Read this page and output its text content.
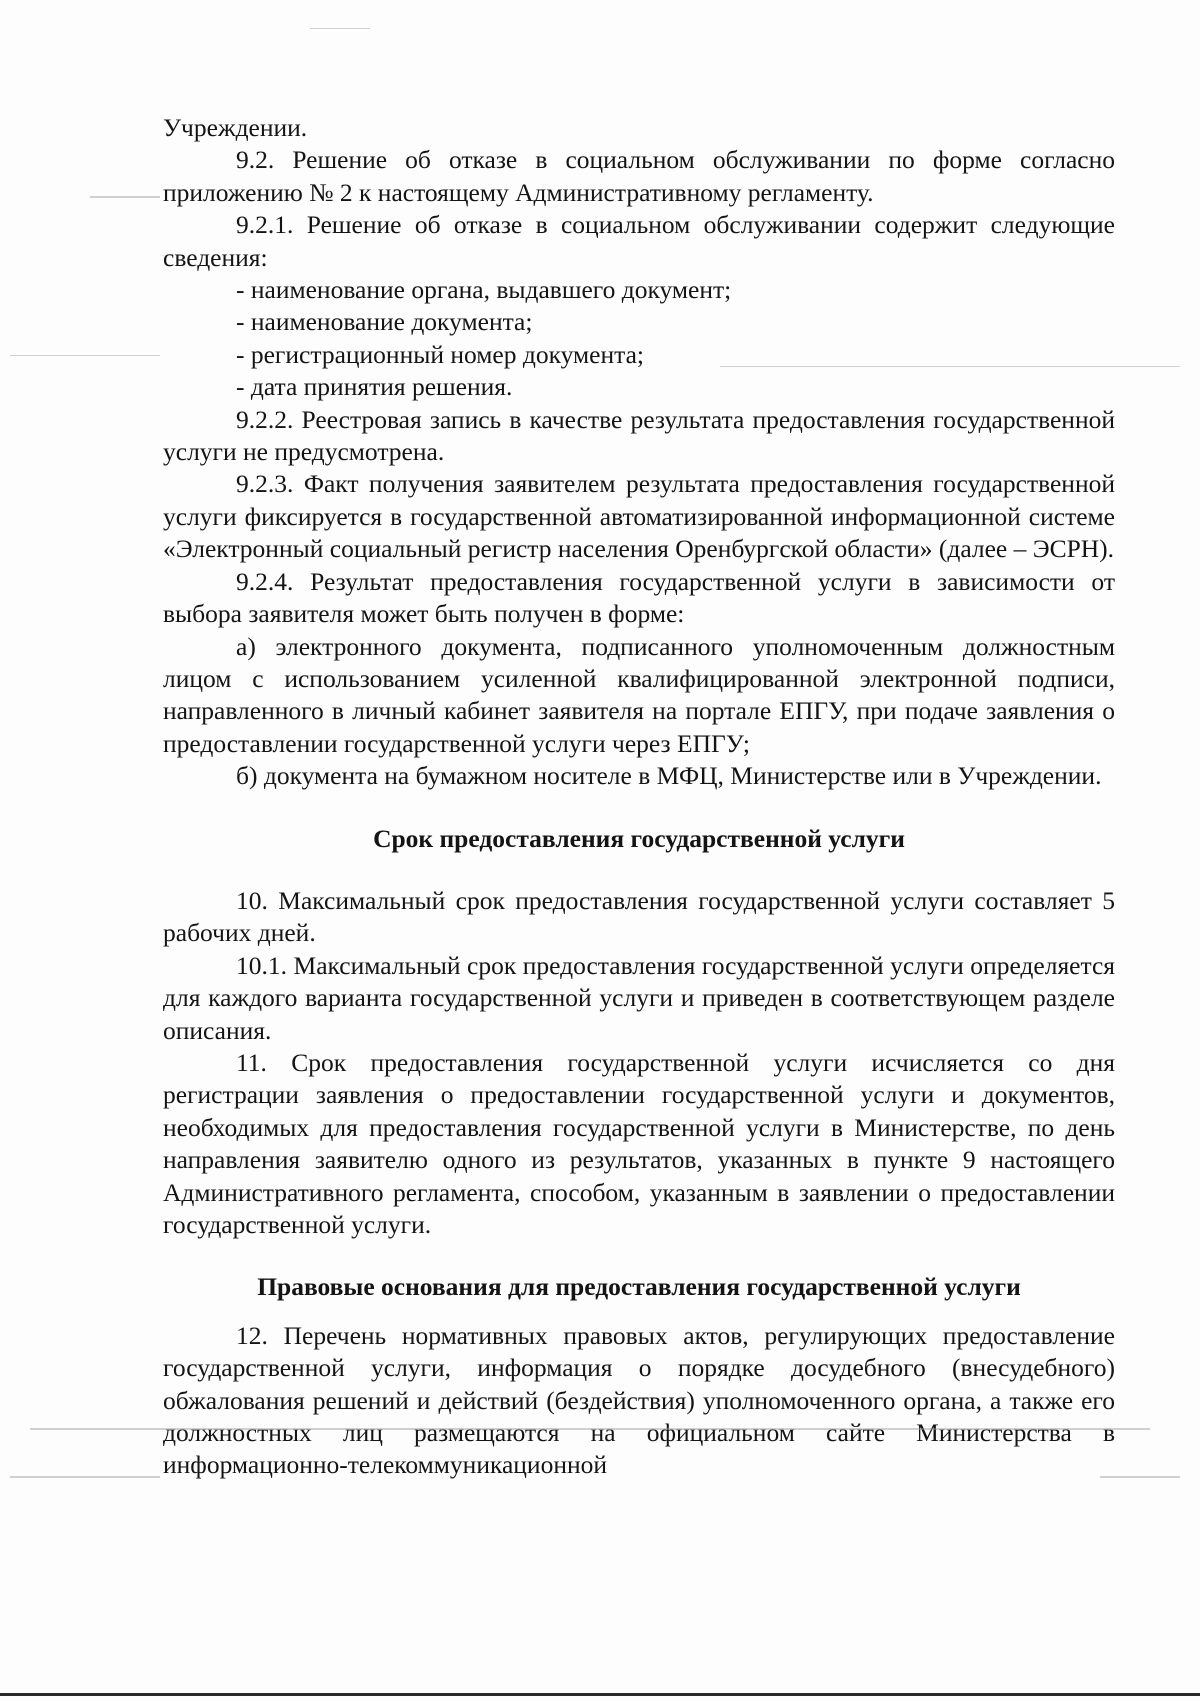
Учреждении.

9.2. Решение об отказе в социальном обслуживании по форме согласно приложению № 2 к настоящему Административному регламенту.

9.2.1. Решение об отказе в социальном обслуживании содержит следующие сведения:

- наименование органа, выдавшего документ;

- наименование документа;

- регистрационный номер документа;

- дата принятия решения.

9.2.2. Реестровая запись в качестве результата предоставления государственной услуги не предусмотрена.

9.2.3. Факт получения заявителем результата предоставления государственной услуги фиксируется в государственной автоматизированной информационной системе «Электронный социальный регистр населения Оренбургской области» (далее – ЭСРН).

9.2.4. Результат предоставления государственной услуги в зависимости от выбора заявителя может быть получен в форме:

а) электронного документа, подписанного уполномоченным должностным лицом с использованием усиленной квалифицированной электронной подписи, направленного в личный кабинет заявителя на портале ЕПГУ, при подаче заявления о предоставлении государственной услуги через ЕПГУ;

б) документа на бумажном носителе в МФЦ, Министерстве или в Учреждении.

Срок предоставления государственной услуги

10. Максимальный срок предоставления государственной услуги составляет 5 рабочих дней.

10.1. Максимальный срок предоставления государственной услуги определяется для каждого варианта государственной услуги и приведен в соответствующем разделе описания.

11. Срок предоставления государственной услуги исчисляется со дня регистрации заявления о предоставлении государственной услуги и документов, необходимых для предоставления государственной услуги в Министерстве, по день направления заявителю одного из результатов, указанных в пункте 9 настоящего Административного регламента, способом, указанным в заявлении о предоставлении государственной услуги.

Правовые основания для предоставления государственной услуги

12. Перечень нормативных правовых актов, регулирующих предоставление государственной услуги, информация о порядке досудебного (внесудебного) обжалования решений и действий (бездействия) уполномоченного органа, а также его должностных лиц размещаются на официальном сайте Министерства в информационно-телекоммуникационной
